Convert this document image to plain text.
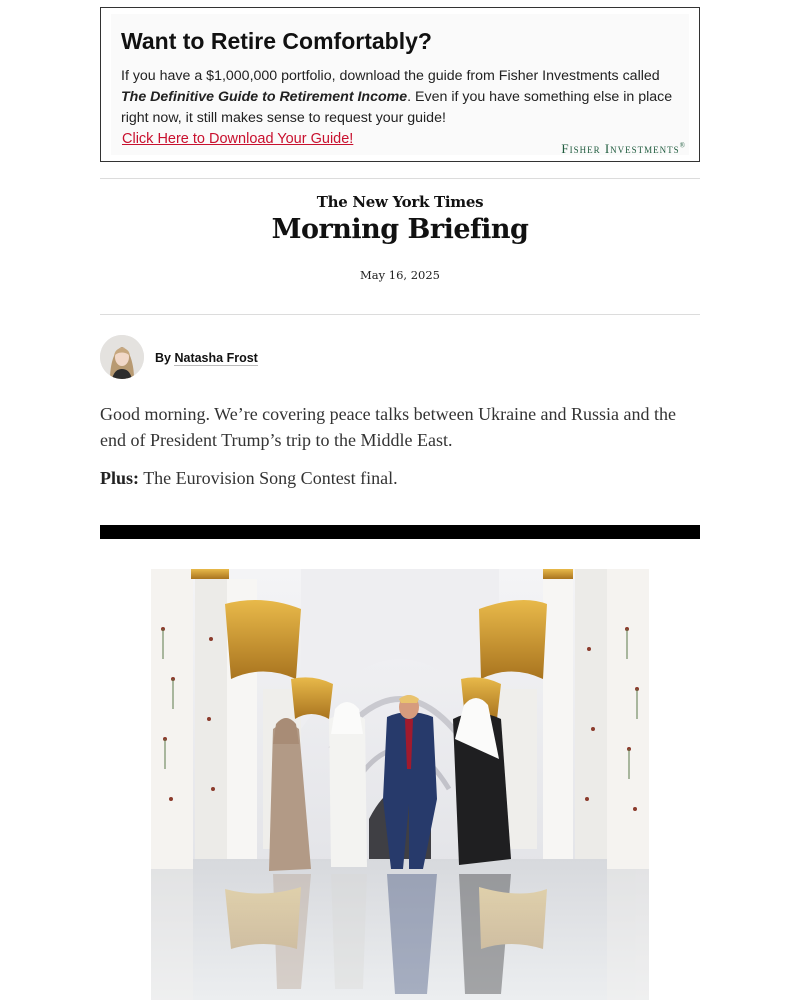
Want to Retire Comfortably?
If you have a $1,000,000 portfolio, download the guide from Fisher Investments called The Definitive Guide to Retirement Income. Even if you have something else in place right now, it still makes sense to request your guide!
Click Here to Download Your Guide!
Fisher Investments®
The New York Times
Morning Briefing
May 16, 2025
By Natasha Frost

Good morning. We’re covering peace talks between Ukraine and Russia and the end of President Trump’s trip to the Middle East.

Plus: The Eurovision Song Contest final.
